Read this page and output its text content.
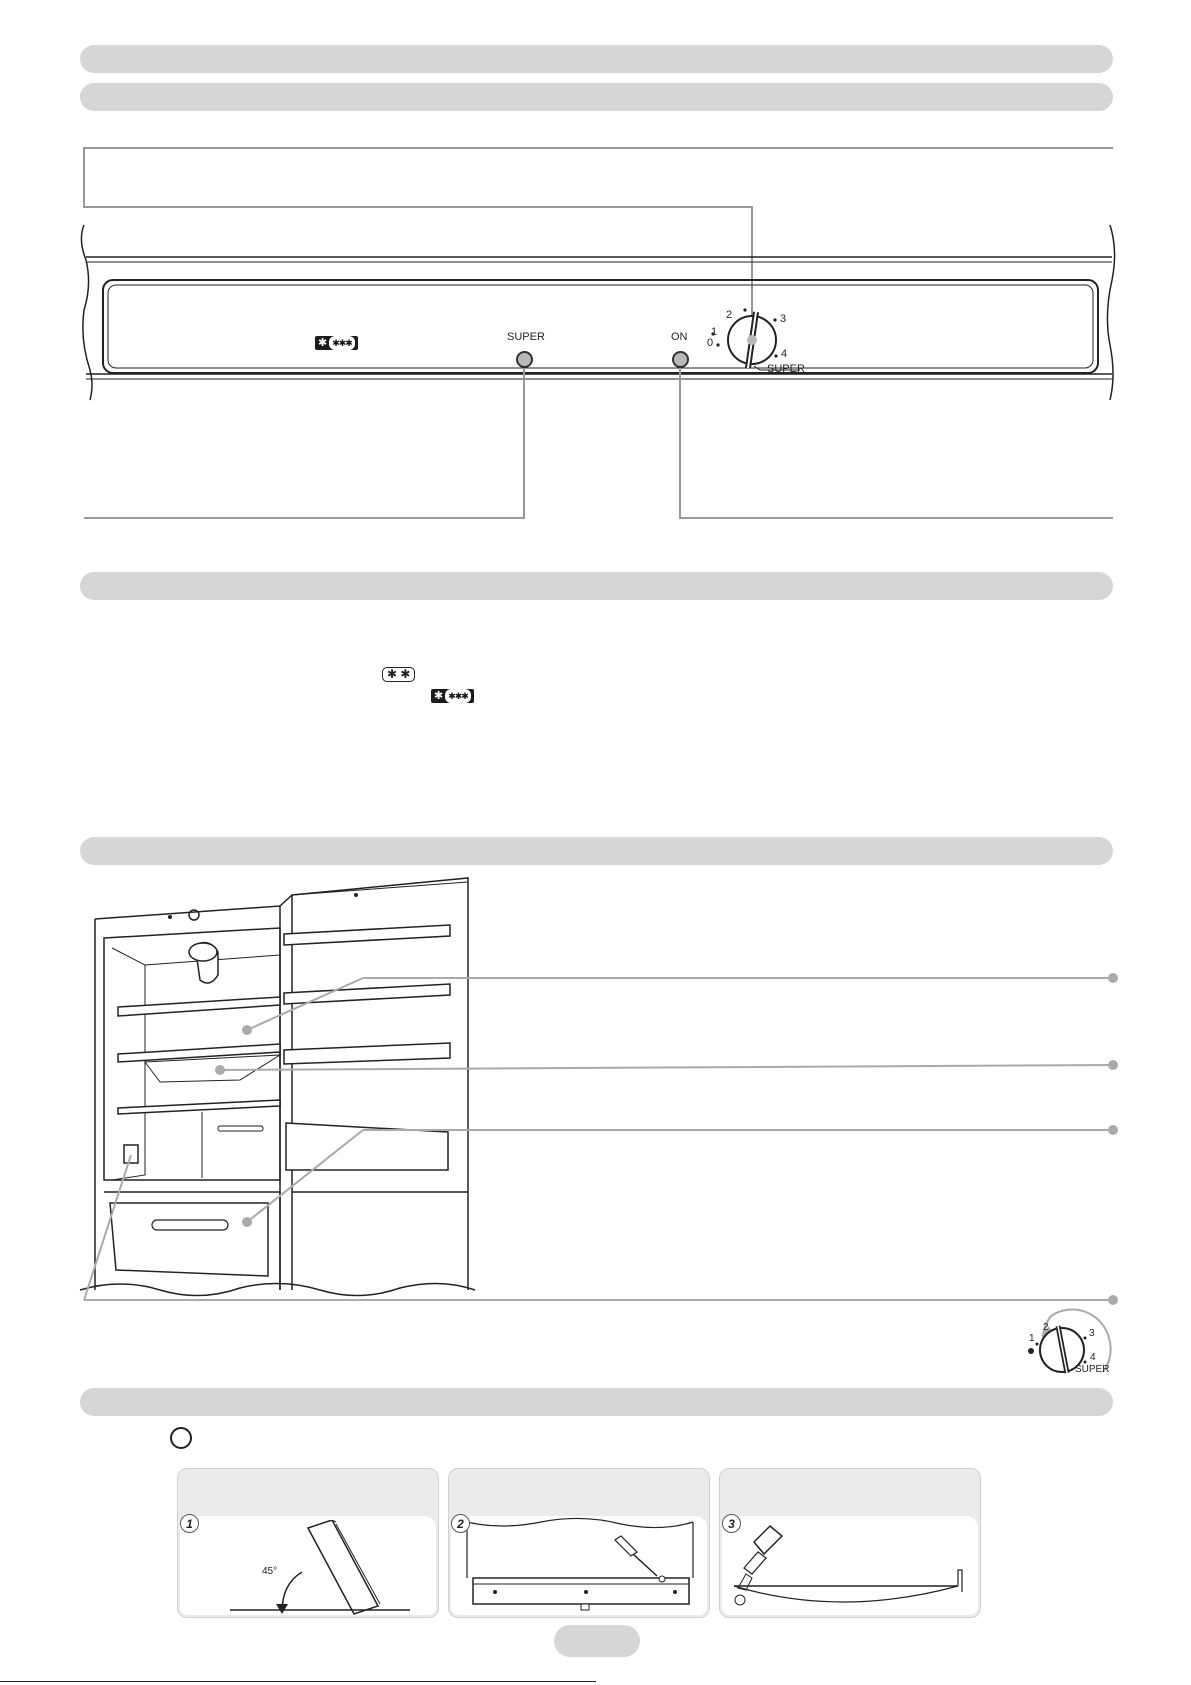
✱ ✱✱✱	SUPER	ON
2
1
0
3
4
SUPER
✱ ✱
✱ ✱✱✱
1
2
3
4
SUPER
45°
1	2	3
